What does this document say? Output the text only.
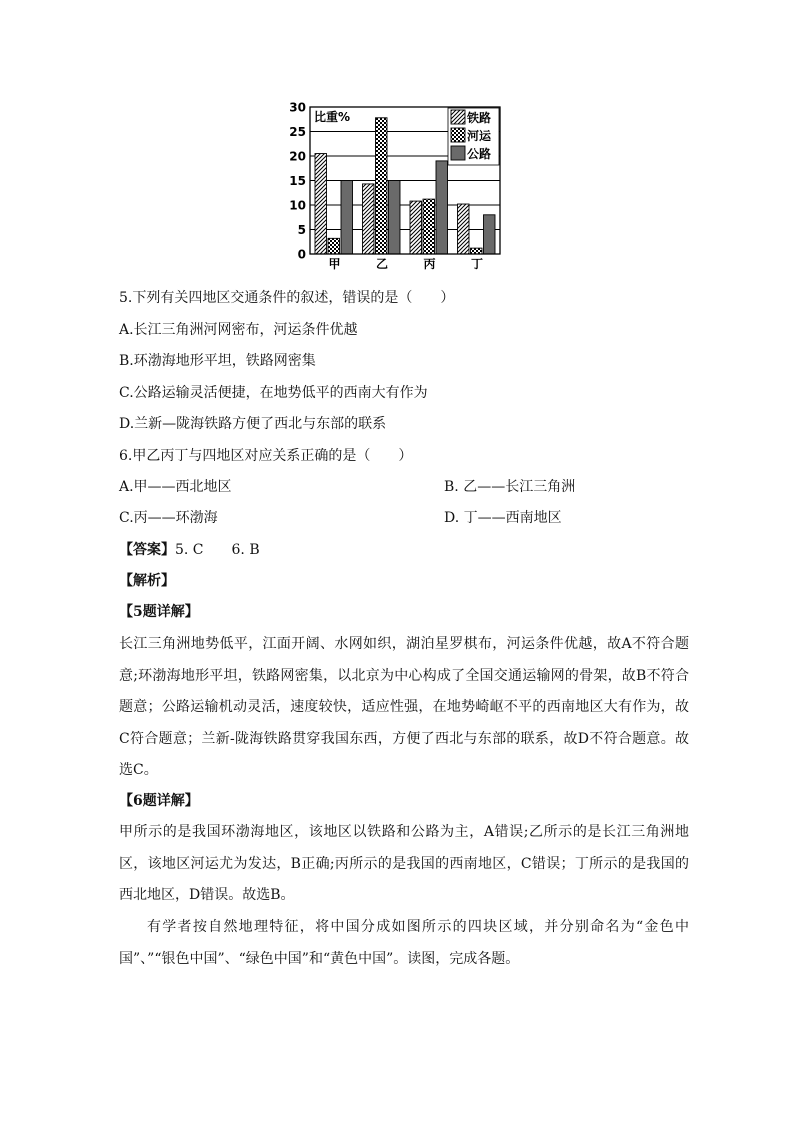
0
5
10
15
20
25
30
甲	乙	丙	丁
比重%	铁路
河运
公路
5.下列有关四地区交通条件的叙述，错误的是（　　）
A.长江三角洲河网密布，河运条件优越
B.环渤海地形平坦，铁路网密集
C.公路运输灵活便捷，在地势低平的西南大有作为
D.兰新—陇海铁路方便了西北与东部的联系
6.甲乙丙丁与四地区对应关系正确的是（　　）
A.甲——西北地区	B. 乙——长江三角洲
C.丙——环渤海	D. 丁——西南地区
【答案】5. C　　6. B
【解析】
【5题详解】
长江三角洲地势低平，江面开阔、水网如织，湖泊星罗棋布，河运条件优越，故A不符合题意;环渤海地形平坦，铁路网密集，以北京为中心构成了全国交通运输网的骨架，故B不符合题意；公路运输机动灵活，速度较快，适应性强，在地势崎岖不平的西南地区大有作为，故C符合题意；兰新-陇海铁路贯穿我国东西，方便了西北与东部的联系，故D不符合题意。故选C。
【6题详解】
甲所示的是我国环渤海地区，该地区以铁路和公路为主，A错误;乙所示的是长江三角洲地区，该地区河运尤为发达，B正确;丙所示的是我国的西南地区，C错误；丁所示的是我国的西北地区，D错误。故选B。
有学者按自然地理特征，将中国分成如图所示的四块区域，并分别命名为“金色中国”、”“银色中国”、“绿色中国”和“黄色中国”。读图，完成各题。
